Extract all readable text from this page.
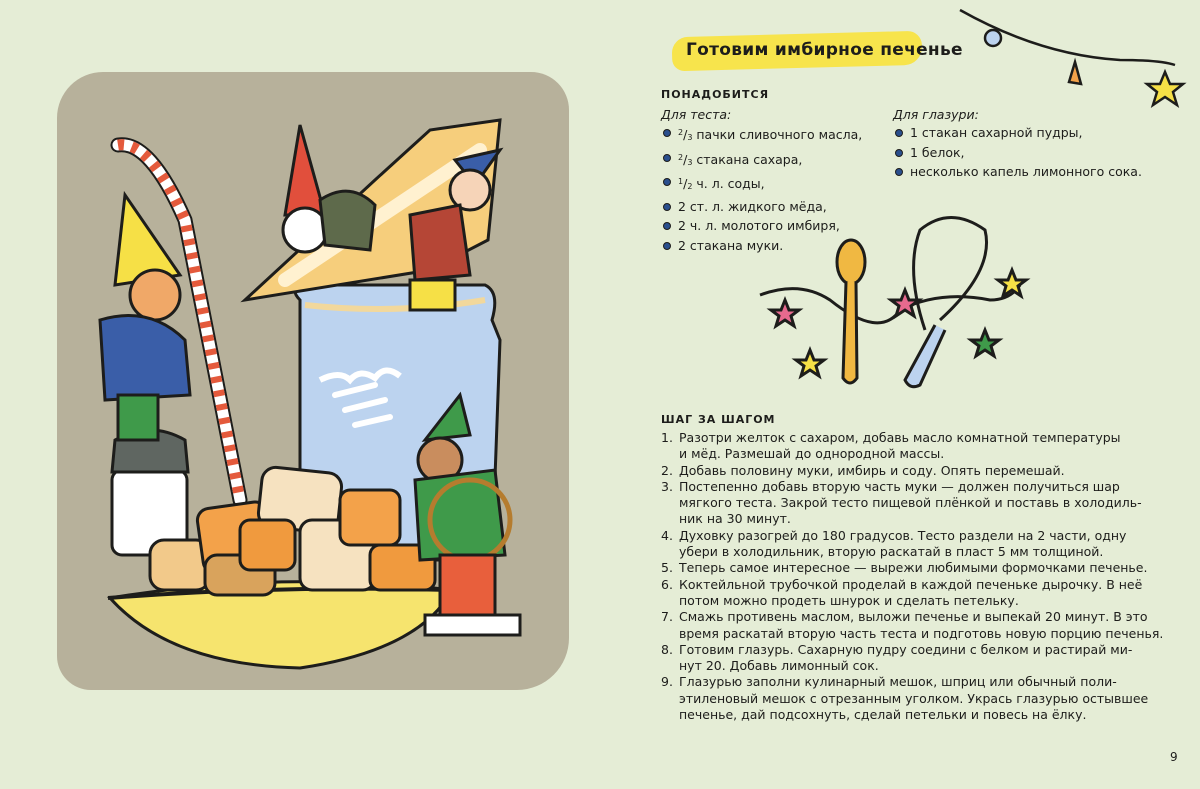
Готовим имбирное печенье
ПОНАДОБИТСЯ
Для теста:
$^2/_3$ пачки сливочного масла,
$^2/_3$ стакана сахара,
$^1/_2$ ч. л. соды,
2 ст. л. жидкого мёда,
2 ч. л. молотого имбиря,
2 стакана муки.
Для глазури:
1 стакан сахарной пудры,
1 белок,
несколько капель лимонного сока.
ШАГ ЗА ШАГОМ
1. Разотри желток с сахаром, добавь масло комнатной температуры
и мёд. Размешай до однородной массы.
2. Добавь половину муки, имбирь и соду. Опять перемешай.
3. Постепенно добавь вторую часть муки — должен получиться шар
мягкого теста. Закрой тесто пищевой плёнкой и поставь в холодиль-
ник на 30 минут.
4. Духовку разогрей до 180 градусов. Тесто раздели на 2 части, одну
убери в холодильник, вторую раскатай в пласт 5 мм толщиной.
5. Теперь самое интересное — вырежи любимыми формочками печенье.
6. Коктейльной трубочкой проделай в каждой печеньке дырочку. В неё
потом можно продеть шнурок и сделать петельку.
7. Смажь противень маслом, выложи печенье и выпекай 20 минут. В это
время раскатай вторую часть теста и подготовь новую порцию печенья.
8. Готовим глазурь. Сахарную пудру соедини с белком и растирай ми-
нут 20. Добавь лимонный сок.
9. Глазурью заполни кулинарный мешок, шприц или обычный поли-
этиленовый мешок с отрезанным уголком. Укрась глазурью остывшее
печенье, дай подсохнуть, сделай петельки и повесь на ёлку.
9
